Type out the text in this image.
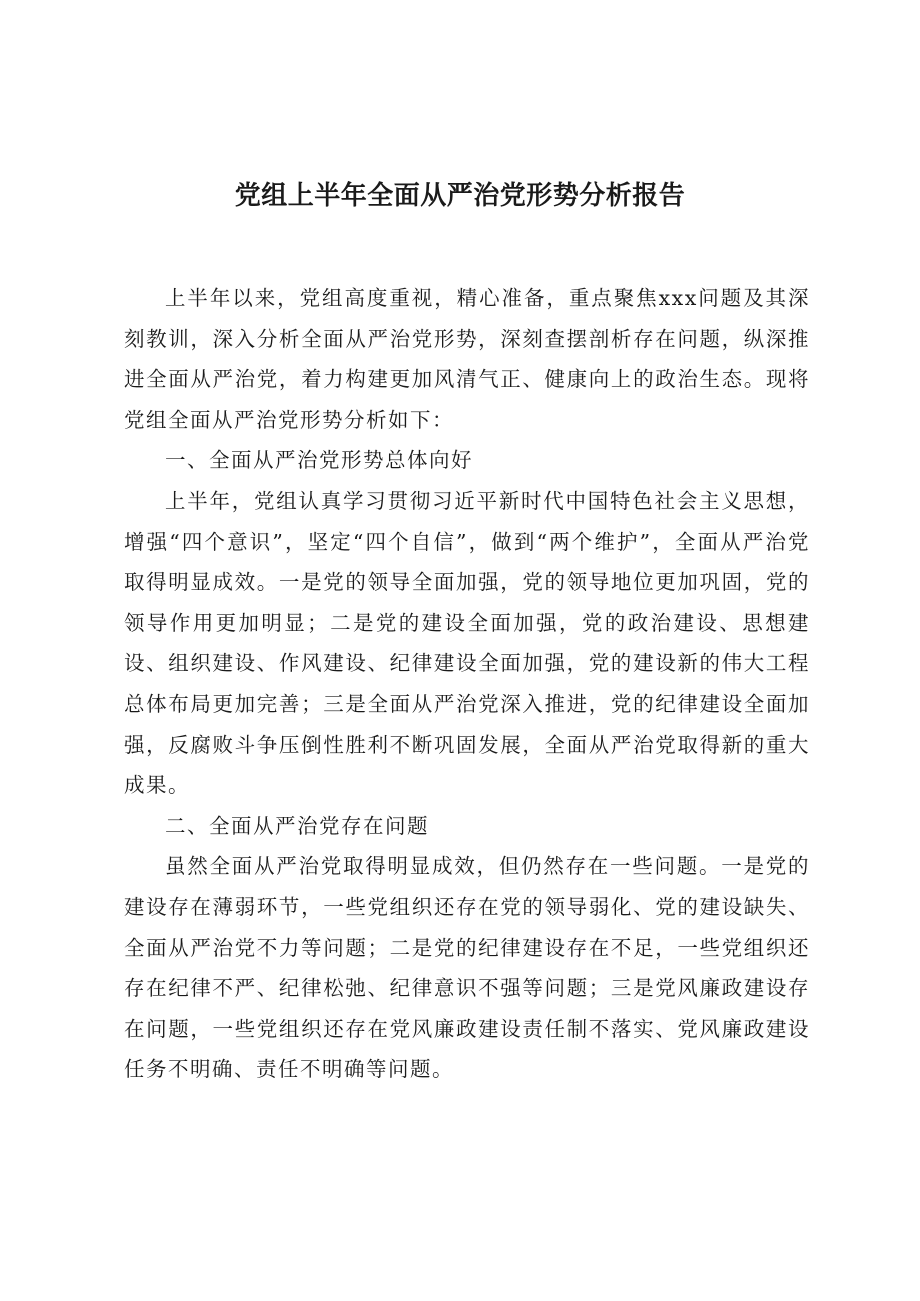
党组上半年全面从严治党形势分析报告

上半年以来，党组高度重视，精心准备，重点聚焦xxx问题及其深刻教训，深入分析全面从严治党形势，深刻查摆剖析存在问题，纵深推进全面从严治党，着力构建更加风清气正、健康向上的政治生态。现将党组全面从严治党形势分析如下：

一、全面从严治党形势总体向好

上半年，党组认真学习贯彻习近平新时代中国特色社会主义思想，增强“四个意识”，坚定“四个自信”，做到“两个维护”，全面从严治党取得明显成效。一是党的领导全面加强，党的领导地位更加巩固，党的领导作用更加明显；二是党的建设全面加强，党的政治建设、思想建设、组织建设、作风建设、纪律建设全面加强，党的建设新的伟大工程总体布局更加完善；三是全面从严治党深入推进，党的纪律建设全面加强，反腐败斗争压倒性胜利不断巩固发展，全面从严治党取得新的重大成果。

二、全面从严治党存在问题

虽然全面从严治党取得明显成效，但仍然存在一些问题。一是党的建设存在薄弱环节，一些党组织还存在党的领导弱化、党的建设缺失、全面从严治党不力等问题；二是党的纪律建设存在不足，一些党组织还存在纪律不严、纪律松弛、纪律意识不强等问题；三是党风廉政建设存在问题，一些党组织还存在党风廉政建设责任制不落实、党风廉政建设任务不明确、责任不明确等问题。
